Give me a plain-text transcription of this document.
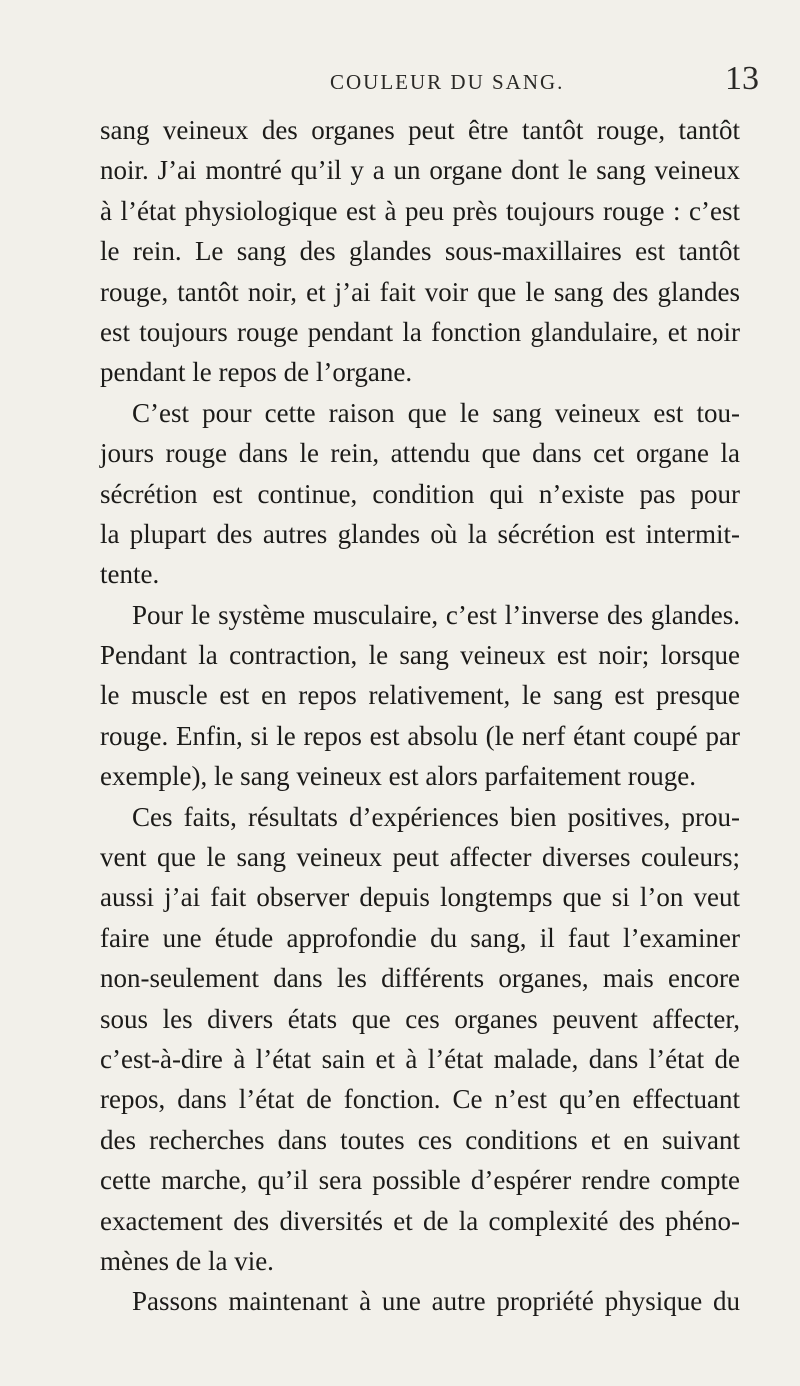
COULEUR DU SANG.	13
sang veineux des organes peut être tantôt rouge, tantôt
noir. J’ai montré qu’il y a un organe dont le sang veineux
à l’état physiologique est à peu près toujours rouge : c’est
le rein. Le sang des glandes sous-maxillaires est tantôt
rouge, tantôt noir, et j’ai fait voir que le sang des glandes
est toujours rouge pendant la fonction glandulaire, et noir
pendant le repos de l’organe.
C’est pour cette raison que le sang veineux est tou-
jours rouge dans le rein, attendu que dans cet organe la
sécrétion est continue, condition qui n’existe pas pour
la plupart des autres glandes où la sécrétion est intermit-
tente.
Pour le système musculaire, c’est l’inverse des glandes.
Pendant la contraction, le sang veineux est noir; lorsque
le muscle est en repos relativement, le sang est presque
rouge. Enfin, si le repos est absolu (le nerf étant coupé par
exemple), le sang veineux est alors parfaitement rouge.
Ces faits, résultats d’expériences bien positives, prou-
vent que le sang veineux peut affecter diverses couleurs;
aussi j’ai fait observer depuis longtemps que si l’on veut
faire une étude approfondie du sang, il faut l’examiner
non-seulement dans les différents organes, mais encore
sous les divers états que ces organes peuvent affecter,
c’est-à-dire à l’état sain et à l’état malade, dans l’état de
repos, dans l’état de fonction. Ce n’est qu’en effectuant
des recherches dans toutes ces conditions et en suivant
cette marche, qu’il sera possible d’espérer rendre compte
exactement des diversités et de la complexité des phéno-
mènes de la vie.
Passons maintenant à une autre propriété physique du
